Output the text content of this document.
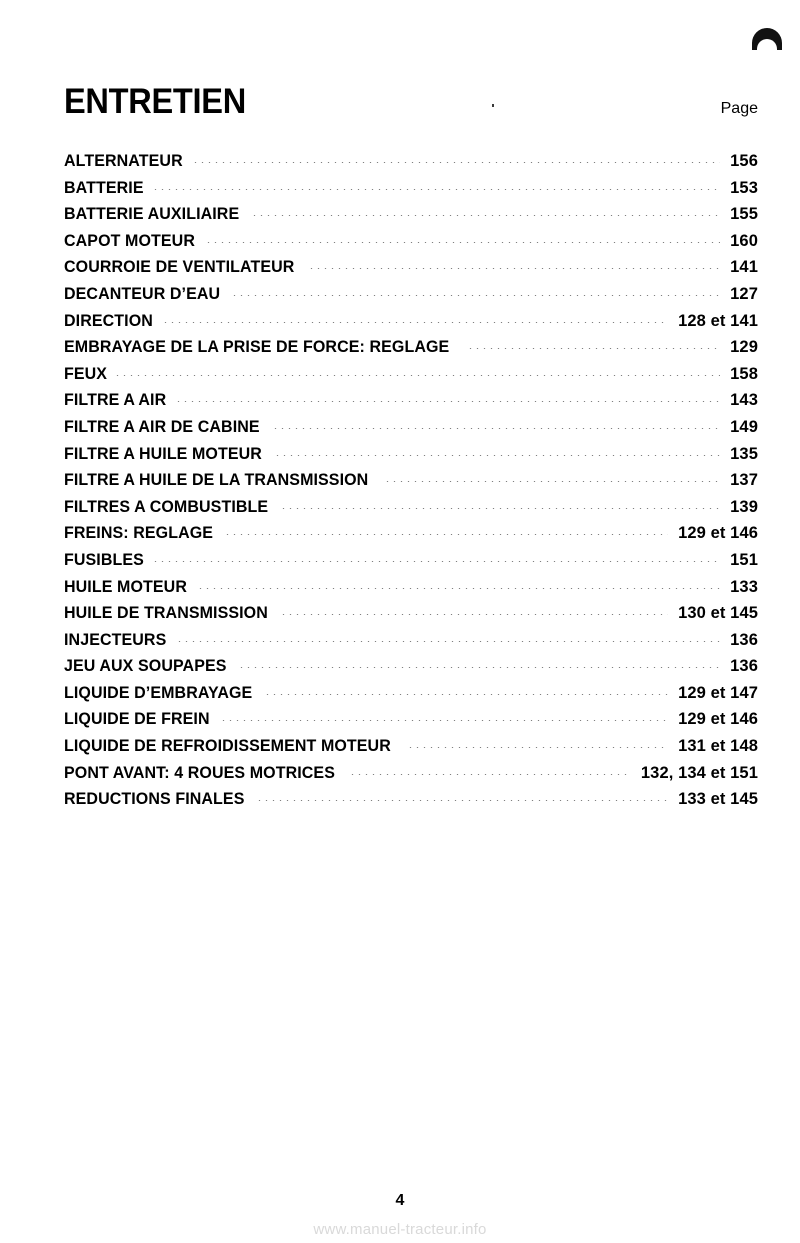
ENTRETIEN	Page
ALTERNATEUR	156
BATTERIE	153
BATTERIE AUXILIAIRE	155
CAPOT MOTEUR	160
COURROIE DE VENTILATEUR	141
DECANTEUR D’EAU	127
DIRECTION	128 et 141
EMBRAYAGE DE LA PRISE DE FORCE: REGLAGE	129
FEUX	158
FILTRE A AIR	143
FILTRE A AIR DE CABINE	149
FILTRE A HUILE MOTEUR	135
FILTRE A HUILE DE LA TRANSMISSION	137
FILTRES A COMBUSTIBLE	139
FREINS: REGLAGE	129 et 146
FUSIBLES	151
HUILE MOTEUR	133
HUILE DE TRANSMISSION	130 et 145
INJECTEURS	136
JEU AUX SOUPAPES	136
LIQUIDE D’EMBRAYAGE	129 et 147
LIQUIDE DE FREIN	129 et 146
LIQUIDE DE REFROIDISSEMENT MOTEUR	131 et 148
PONT AVANT: 4 ROUES MOTRICES	132, 134 et 151
REDUCTIONS FINALES	133 et 145
4
www.manuel-tracteur.info
